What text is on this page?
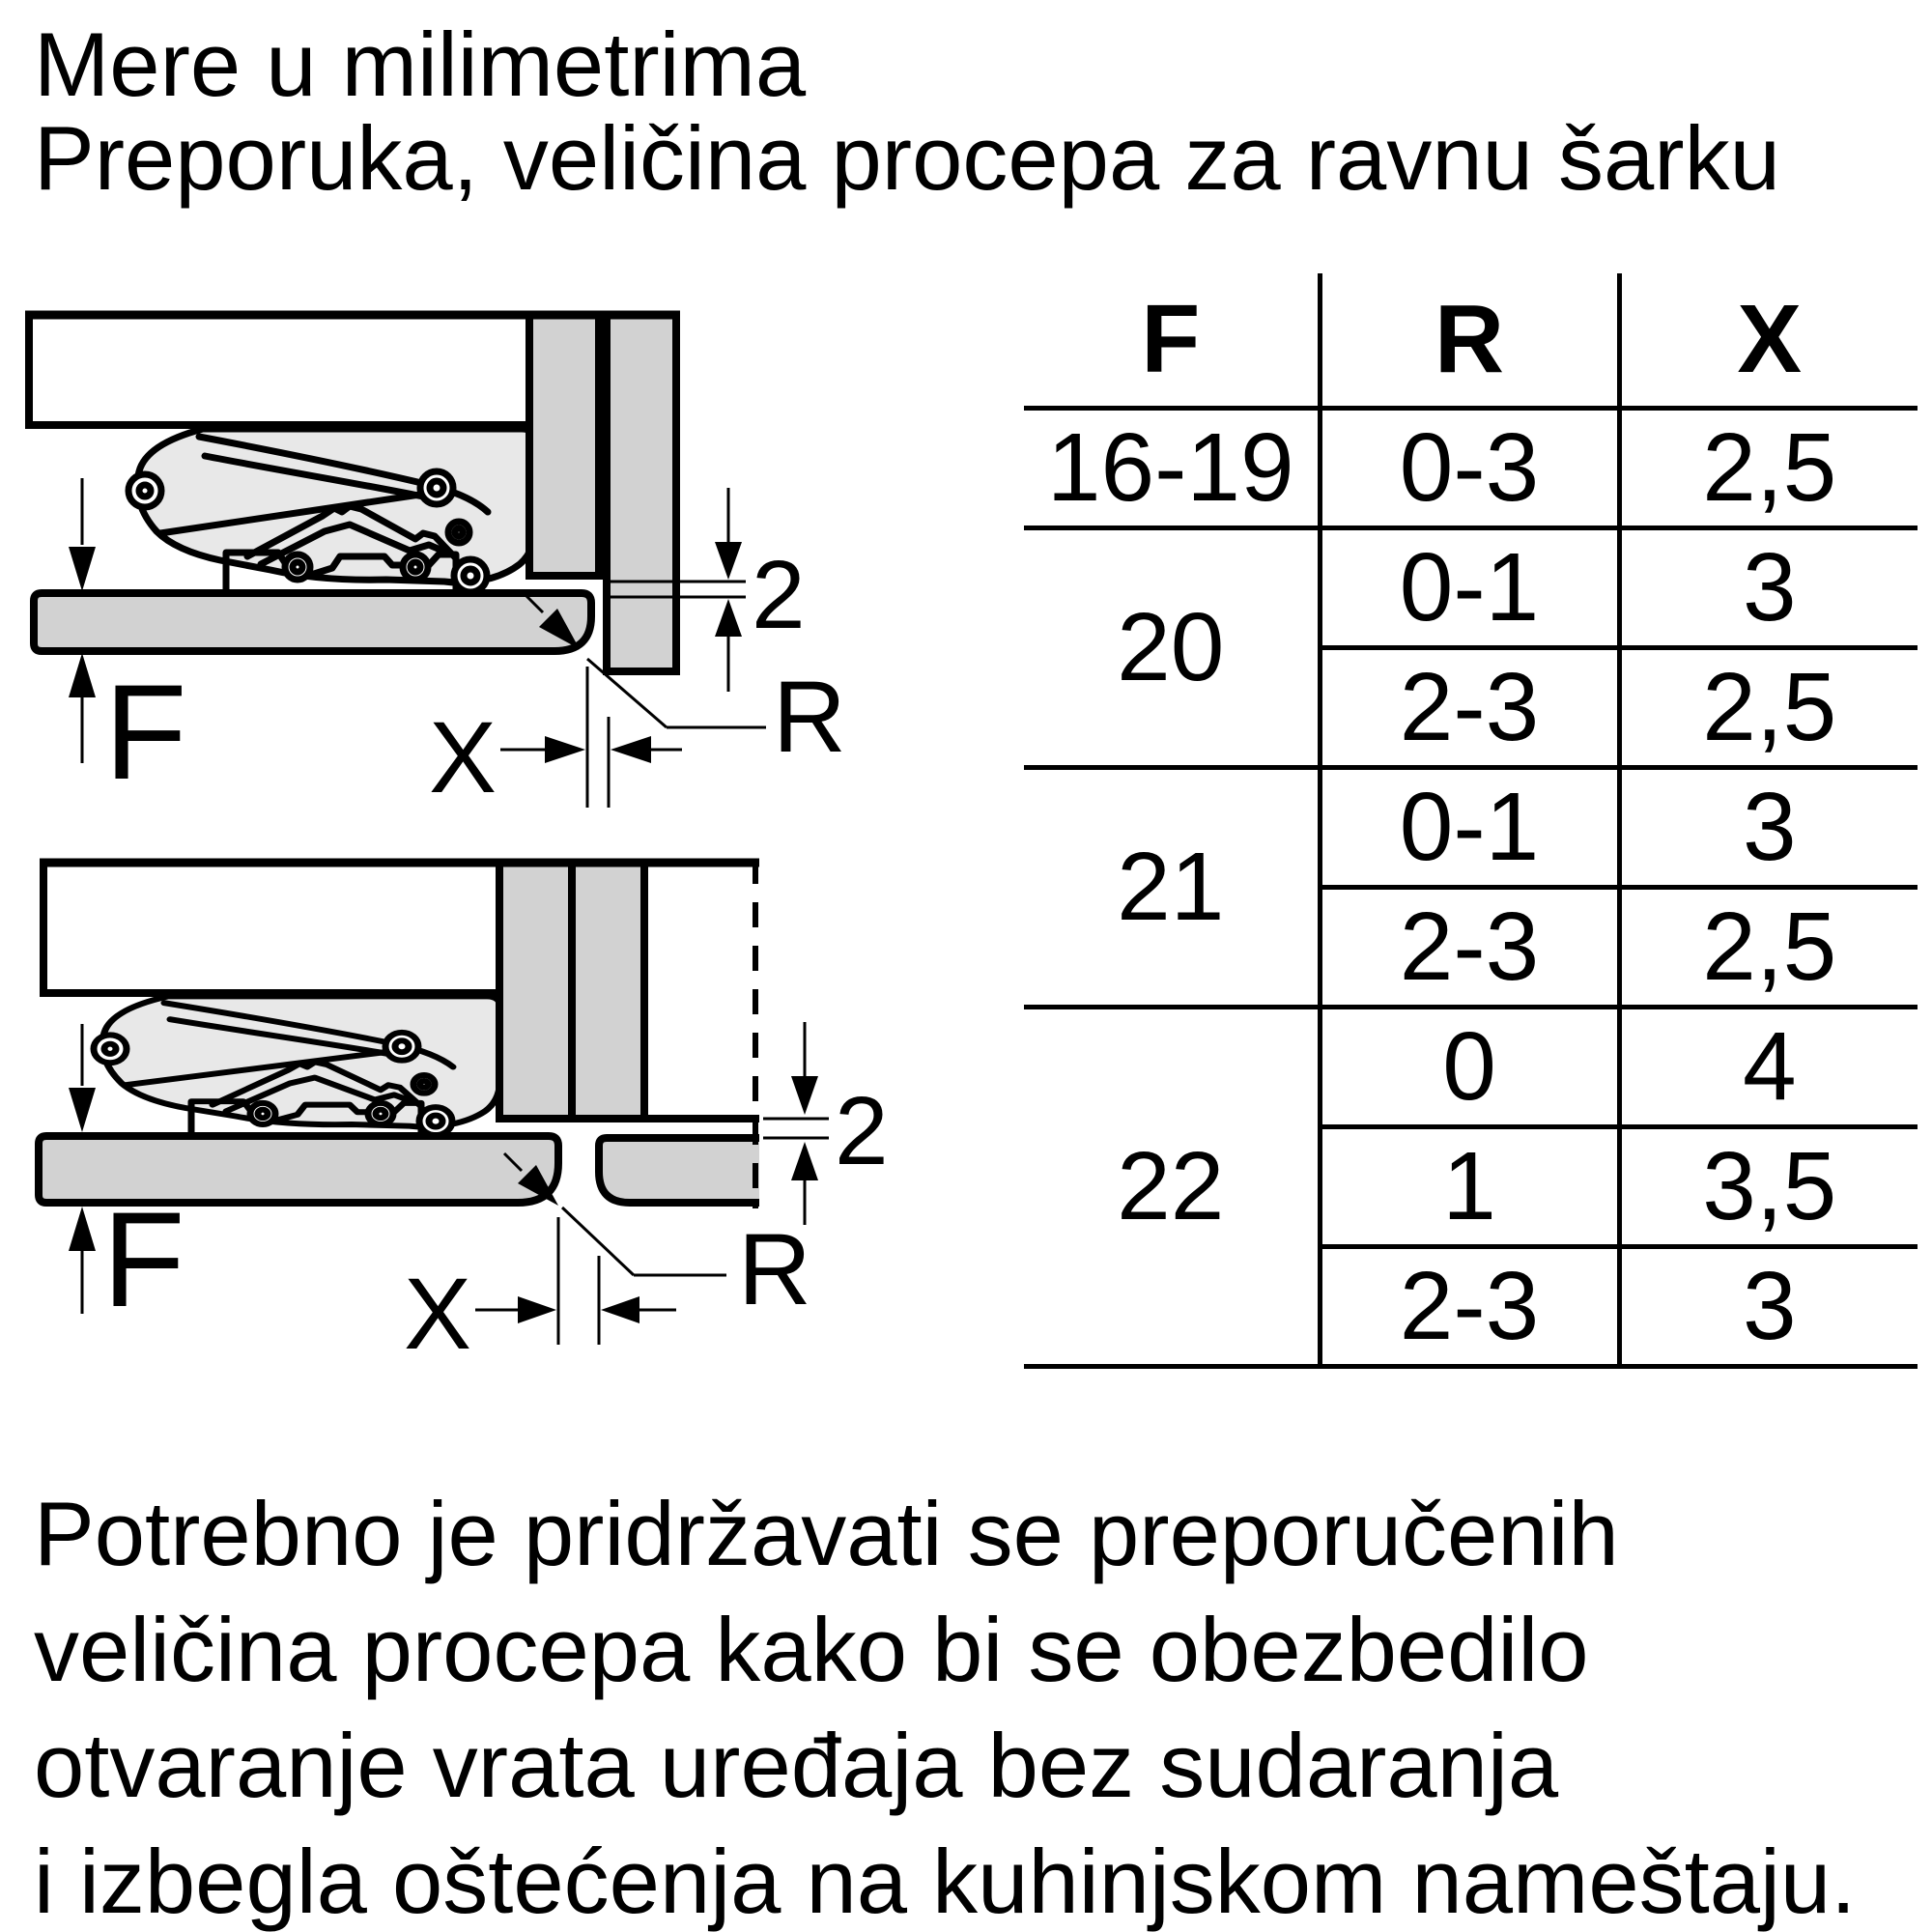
Mere u milimetrima
Preporuka, veličina procepa za ravnu šarku
2
F X	R
2
F X	R
F	R	X
16-19	0-3	2,5

20	0-1	3
	2-3	2,5

21	0-1	3
	2-3	2,5

22	0	4
	1	3,5
	2-3	3
Potrebno je pridržavati se preporučenih
veličina procepa kako bi se obezbedilo
otvaranje vrata uređaja bez sudaranja
i izbegla oštećenja na kuhinjskom nameštaju.
